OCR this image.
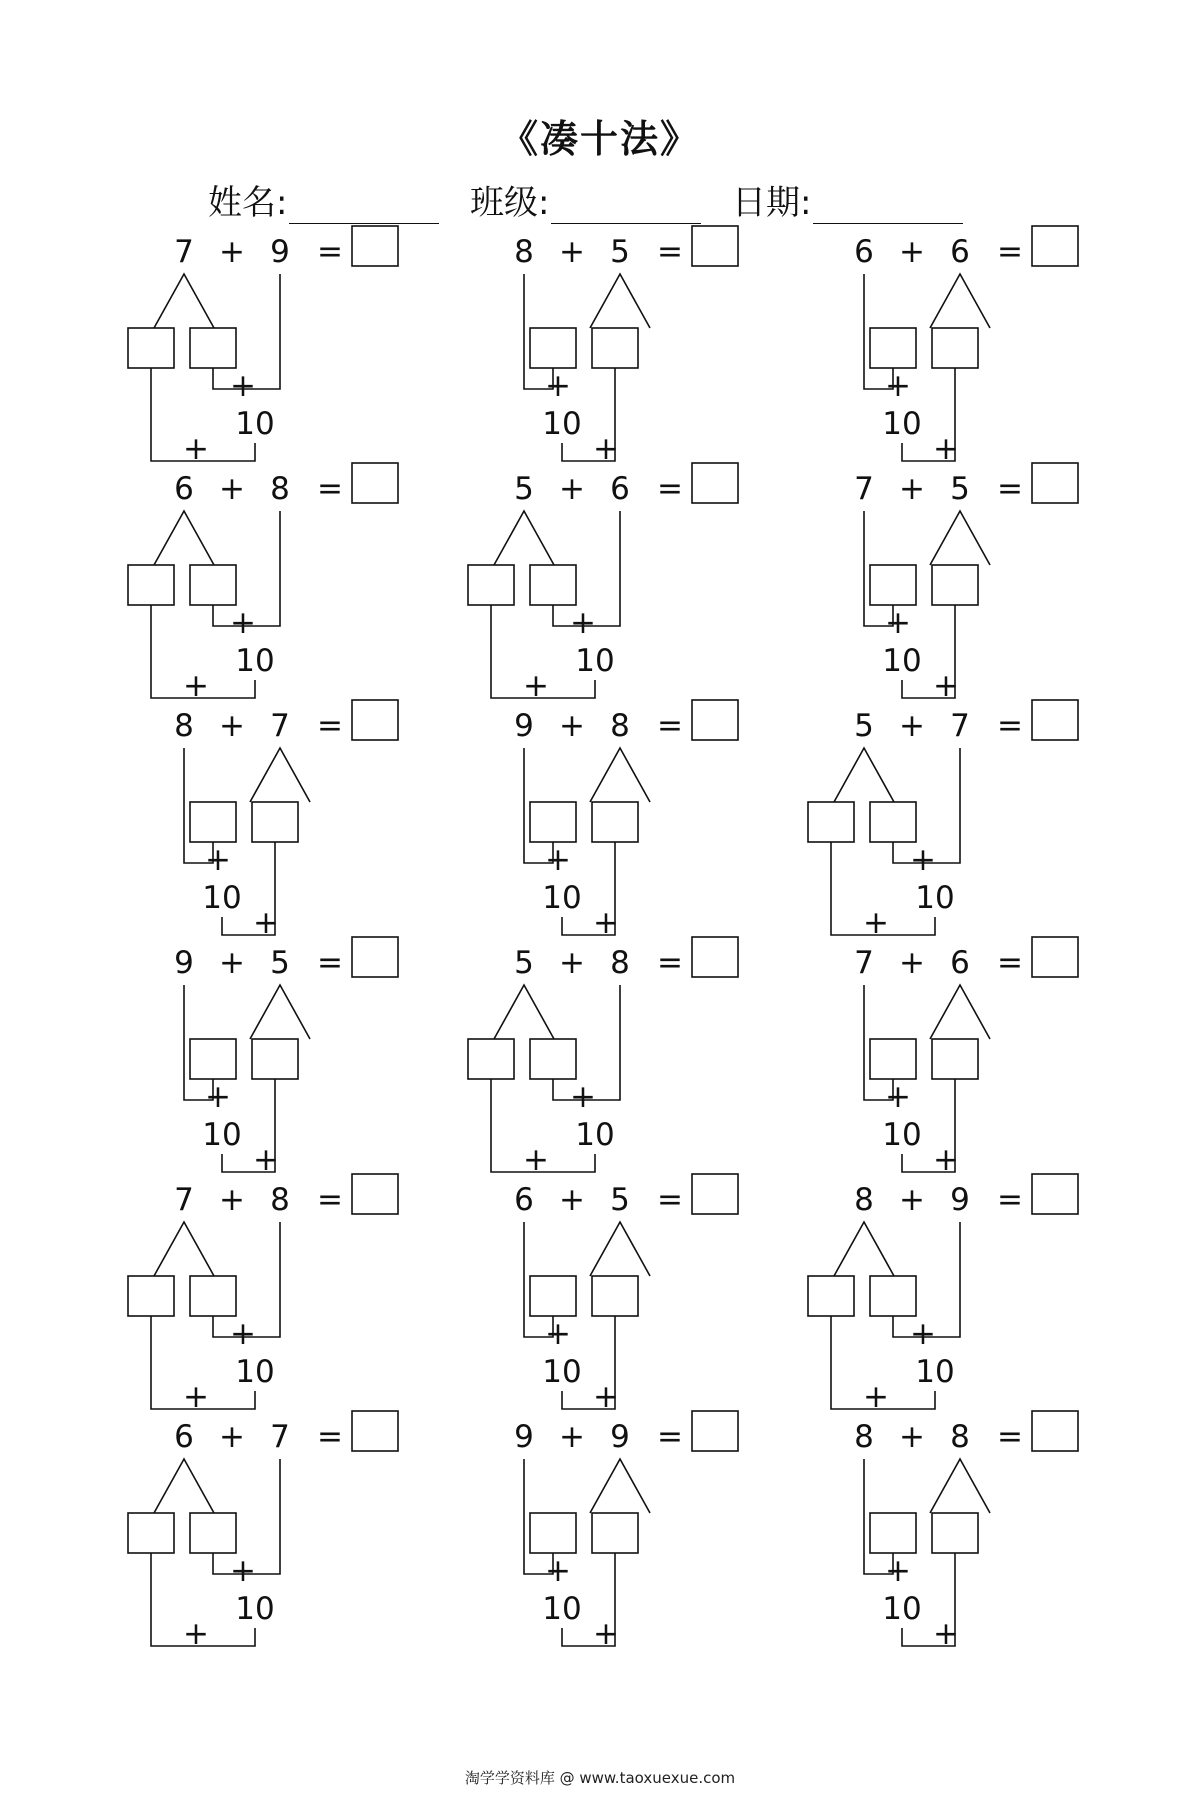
《凑十法》
姓名:	班级:	日期:
7 + 9 =
+
10
+
8 + 5 =
+
10
+
6 + 6 =
+
10
+
6 + 8 =
+
10
+
5 + 6 =
+
10
+
7 + 5 =
+
10
+
8 + 7 =
+
10
+
9 + 8 =
+
10
+
5 + 7 =
+
10
+
9 + 5 =
+
10
+
5 + 8 =
+
10
+
7 + 6 =
+
10
+
7 + 8 =
+
10
+
6 + 5 =
+
10
+
8 + 9 =
+
10
+
6 + 7 =
+
10
+
9 + 9 =
+
10
+
8 + 8 =
+
10
+
淘学学资料库 @ www.taoxuexue.com
